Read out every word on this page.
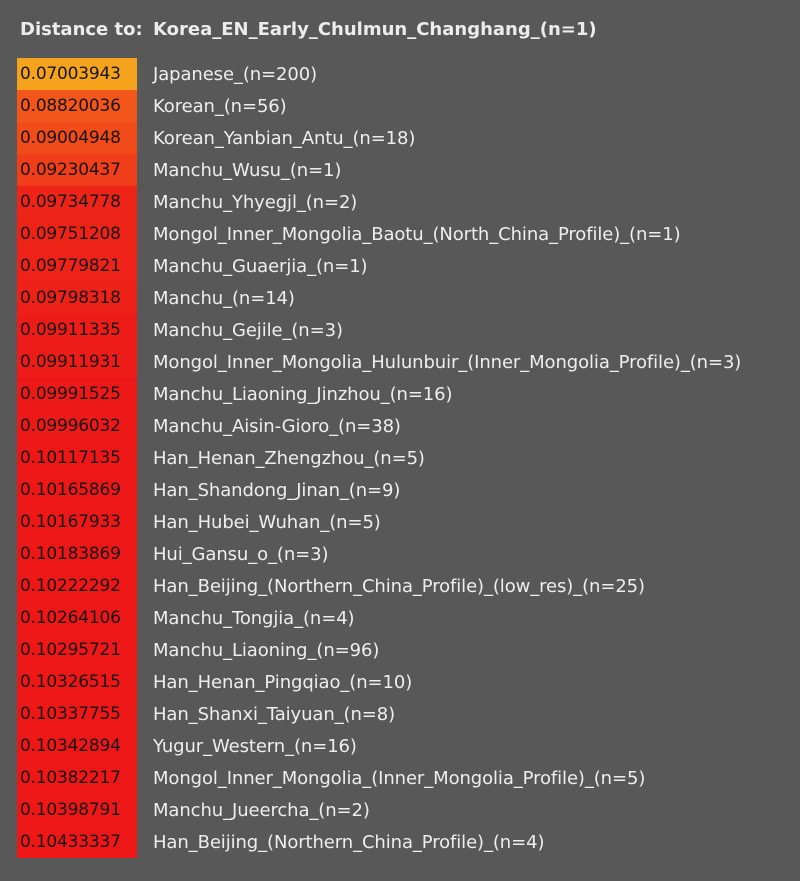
Distance to: Korea_EN_Early_Chulmun_Changhang_(n=1)
0.07003943	Japanese_(n=200)
0.08820036	Korean_(n=56)
0.09004948	Korean_Yanbian_Antu_(n=18)
0.09230437	Manchu_Wusu_(n=1)
0.09734778	Manchu_Yhyegjl_(n=2)
0.09751208	Mongol_Inner_Mongolia_Baotu_(North_China_Profile)_(n=1)
0.09779821	Manchu_Guaerjia_(n=1)
0.09798318	Manchu_(n=14)
0.09911335	Manchu_Gejile_(n=3)
0.09911931	Mongol_Inner_Mongolia_Hulunbuir_(Inner_Mongolia_Profile)_(n=3)
0.09991525	Manchu_Liaoning_Jinzhou_(n=16)
0.09996032	Manchu_Aisin-Gioro_(n=38)
0.10117135	Han_Henan_Zhengzhou_(n=5)
0.10165869	Han_Shandong_Jinan_(n=9)
0.10167933	Han_Hubei_Wuhan_(n=5)
0.10183869	Hui_Gansu_o_(n=3)
0.10222292	Han_Beijing_(Northern_China_Profile)_(low_res)_(n=25)
0.10264106	Manchu_Tongjia_(n=4)
0.10295721	Manchu_Liaoning_(n=96)
0.10326515	Han_Henan_Pingqiao_(n=10)
0.10337755	Han_Shanxi_Taiyuan_(n=8)
0.10342894	Yugur_Western_(n=16)
0.10382217	Mongol_Inner_Mongolia_(Inner_Mongolia_Profile)_(n=5)
0.10398791	Manchu_Jueercha_(n=2)
0.10433337	Han_Beijing_(Northern_China_Profile)_(n=4)
